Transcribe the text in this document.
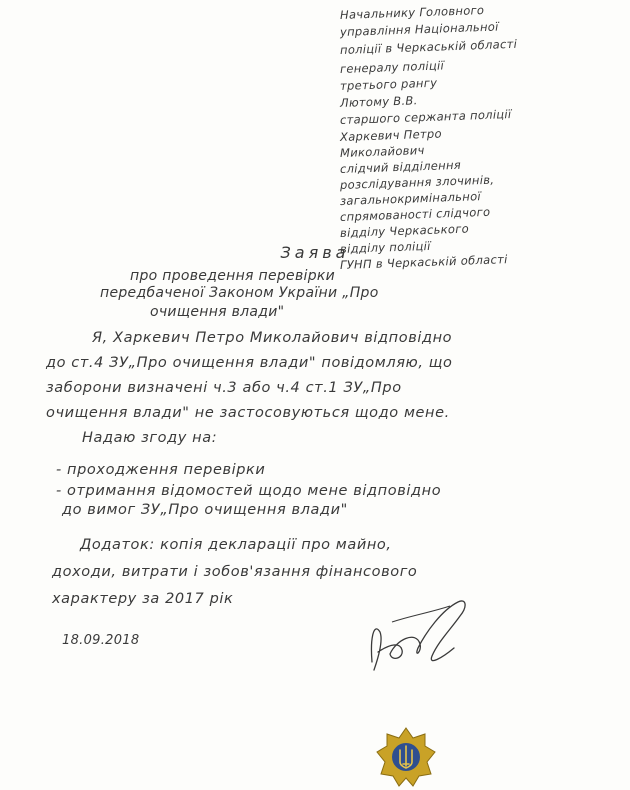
Начальнику Головного
управління Національної
поліції в Черкаській області
генералу поліції
третього рангу
Лютому В.В.
старшого сержанта поліції
Харкевич Петро
Миколайович
слідчий відділення
розслідування злочинів,
загальнокримінальної
спрямованості слідчого
відділу Черкаського
відділу поліції
ГУНП в Черкаській області
Заява
про проведення перевірки
передбаченої Законом України „Про
очищення влади"
Я, Харкевич Петро Миколайович відповідно
до ст.4 ЗУ„Про очищення влади" повідомляю, що
заборони визначені ч.3 або ч.4 ст.1 ЗУ„Про
очищення влади" не застосовуються щодо мене.
Надаю згоду на:
- проходження перевірки
- отримання відомостей щодо мене відповідно
до вимог ЗУ„Про очищення влади"
Додаток: копія декларації про майно,
доходи, витрати і зобов'язання фінансового
характеру за 2017 рік
18.09.2018
